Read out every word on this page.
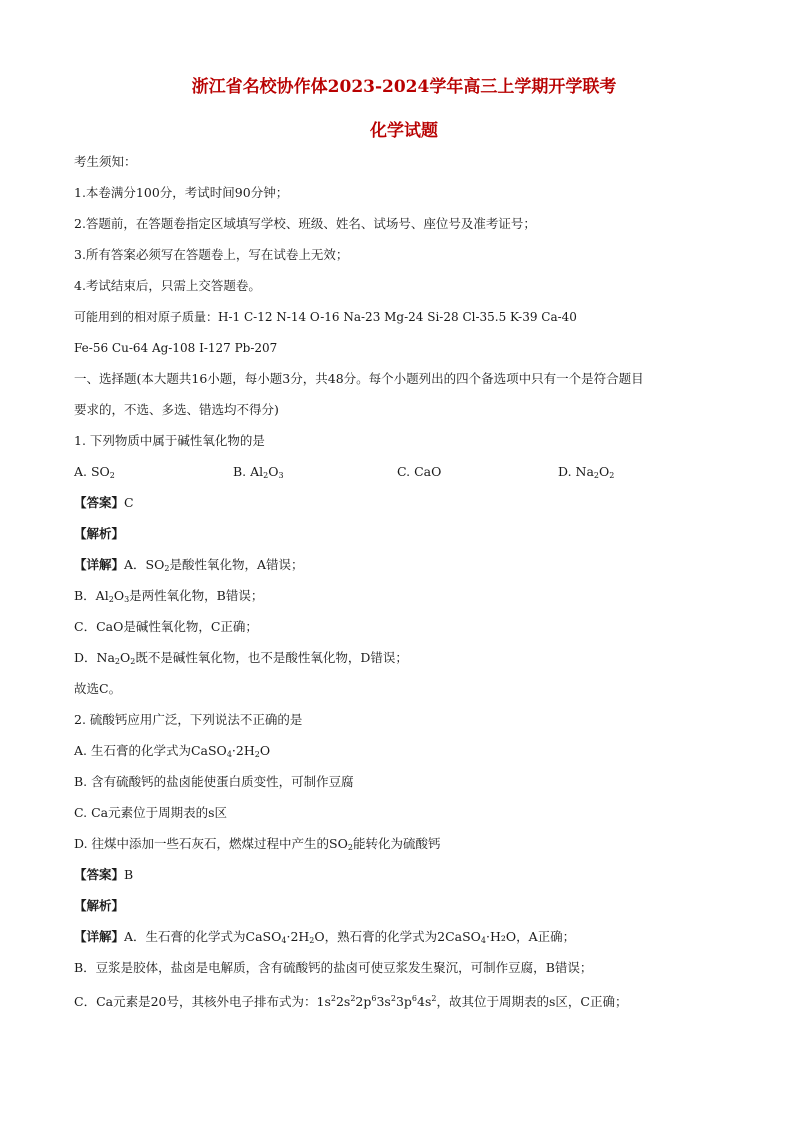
浙江省名校协作体2023-2024学年高三上学期开学联考
化学试题
考生须知：
1.本卷满分100分，考试时间90分钟；
2.答题前，在答题卷指定区域填写学校、班级、姓名、试场号、座位号及准考证号；
3.所有答案必须写在答题卷上，写在试卷上无效；
4.考试结束后，只需上交答题卷。
可能用到的相对原子质量：H-1 C-12 N-14 O-16 Na-23 Mg-24 Si-28 Cl-35.5 K-39 Ca-40
Fe-56 Cu-64 Ag-108 I-127 Pb-207
一、选择题(本大题共16小题，每小题3分，共48分。每个小题列出的四个备选项中只有一个是符合题目
要求的，不选、多选、错选均不得分)
1. 下列物质中属于碱性氧化物的是
A. $SO_2$	B. $Al_2O_3$	C. CaO	D. $Na_2O_2$
【答案】C
【解析】
【详解】A．$SO_2$是酸性氧化物，A错误；
B．$Al_2O_3$是两性氧化物，B错误；
C．CaO是碱性氧化物，C正确；
D．$Na_2O_2$既不是碱性氧化物，也不是酸性氧化物，D错误；
故选C。
2. 硫酸钙应用广泛，下列说法不正确的是
A. 生石膏的化学式为$CaSO_4\cdot 2H_2O$
B. 含有硫酸钙的盐卤能使蛋白质变性，可制作豆腐
C. Ca元素位于周期表的s区
D. 往煤中添加一些石灰石，燃煤过程中产生的$SO_2$能转化为硫酸钙
【答案】B
【解析】
【详解】A．生石膏的化学式为$CaSO_4\cdot 2H_2O$，熟石膏的化学式为2CaSO$_4$·H₂O，A正确；
B．豆浆是胶体，盐卤是电解质，含有硫酸钙的盐卤可使豆浆发生聚沉，可制作豆腐，B错误；
C．Ca元素是20号，其核外电子排布式为：$1s^22s^22p^63s^23p^64s^2$，故其位于周期表的s区，C正确；
